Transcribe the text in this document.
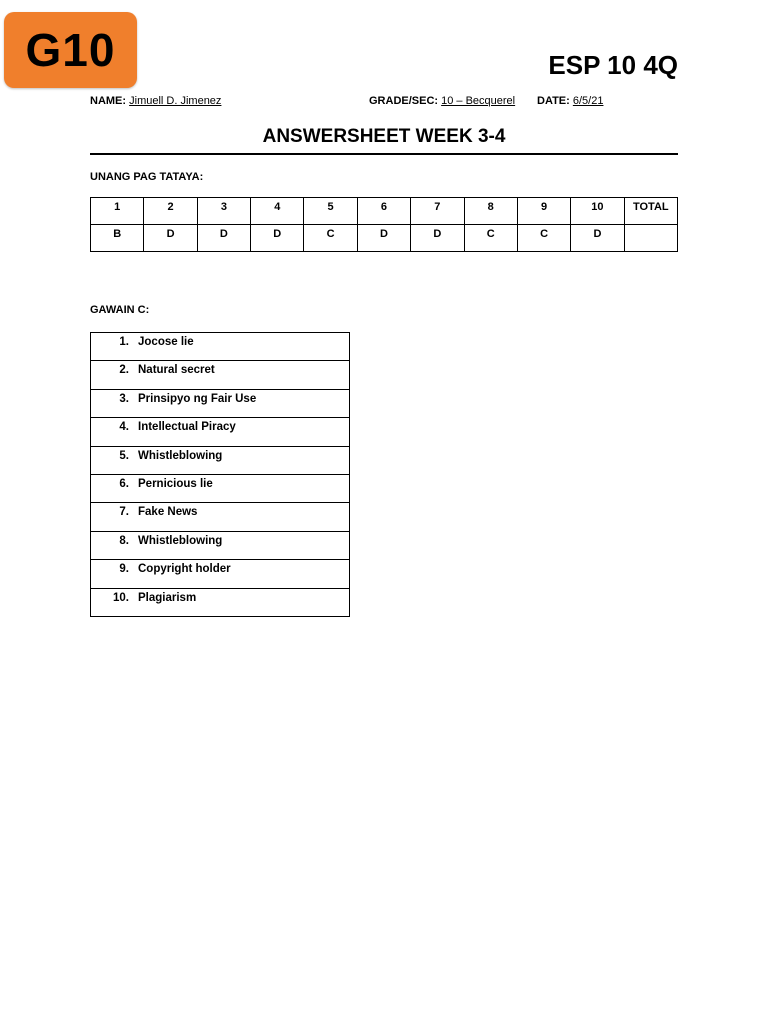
G10	ESP 10 4Q
NAME: Jimuell D. Jimenez	GRADE/SEC: 10 – Becquerel DATE: 6/5/21
ANSWERSHEET WEEK 3-4
UNANG PAG TATAYA:
1	2	3	4	5	6	7	8	9	10	TOTAL
B	D	D	D	C	D	D	C	C	D	
GAWAIN C:
1. Jocose lie
2. Natural secret
3. Prinsipyo ng Fair Use
4. Intellectual Piracy
5. Whistleblowing
6. Pernicious lie
7. Fake News
8. Whistleblowing
9. Copyright holder
10. Plagiarism
